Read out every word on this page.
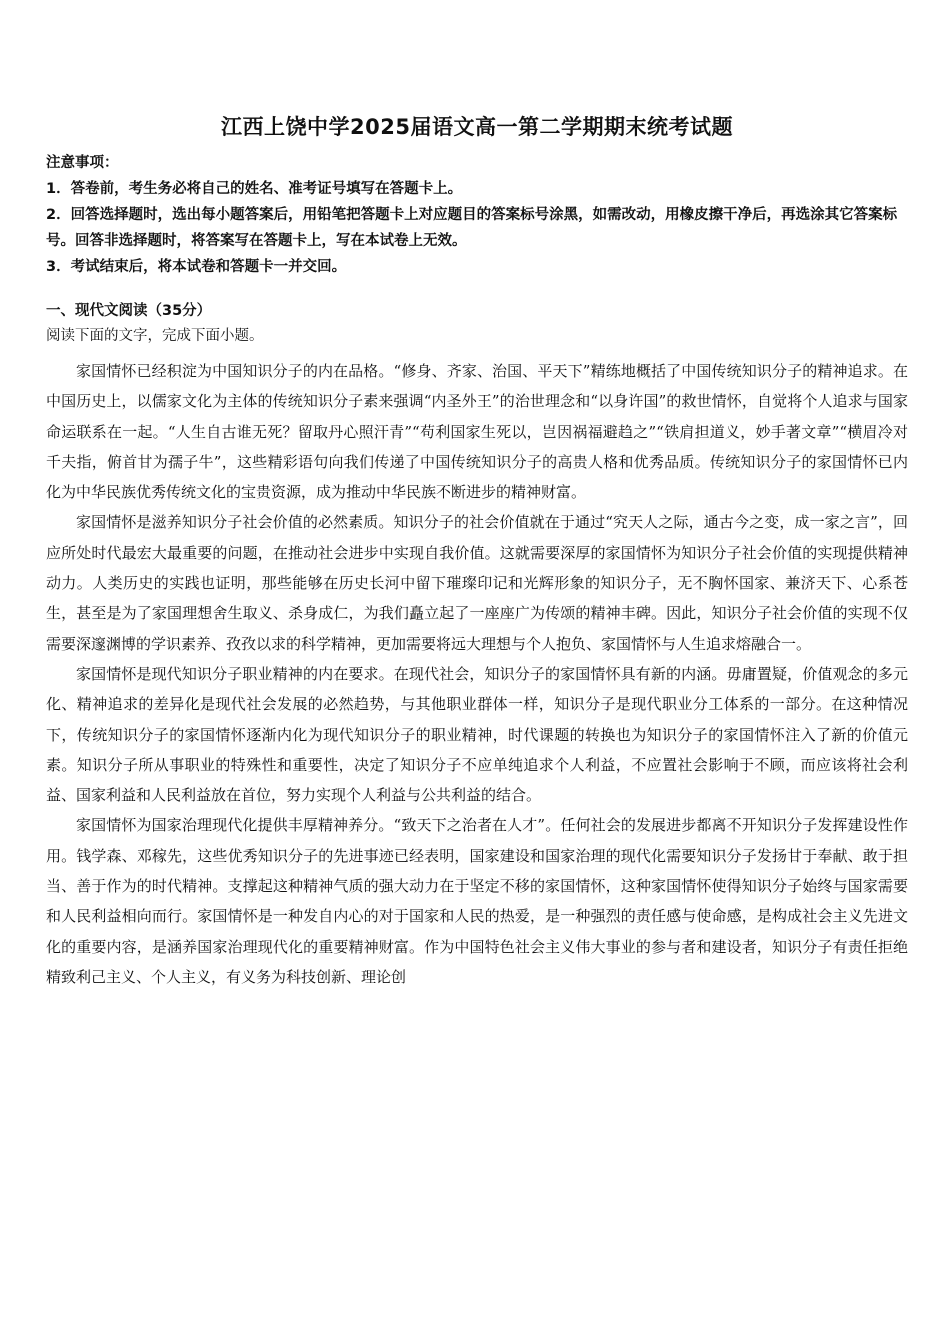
江西上饶中学2025届语文高一第二学期期末统考试题

注意事项：

1．答卷前，考生务必将自己的姓名、准考证号填写在答题卡上。

2．回答选择题时，选出每小题答案后，用铅笔把答题卡上对应题目的答案标号涂黑，如需改动，用橡皮擦干净后，再选涂其它答案标号。回答非选择题时，将答案写在答题卡上，写在本试卷上无效。

3．考试结束后，将本试卷和答题卡一并交回。

一、现代文阅读（35分）

阅读下面的文字，完成下面小题。

家国情怀已经积淀为中国知识分子的内在品格。“修身、齐家、治国、平天下”精练地概括了中国传统知识分子的精神追求。在中国历史上，以儒家文化为主体的传统知识分子素来强调“内圣外王”的治世理念和“以身许国”的救世情怀，自觉将个人追求与国家命运联系在一起。“人生自古谁无死？留取丹心照汗青”“苟利国家生死以，岂因祸福避趋之”“铁肩担道义，妙手著文章”“横眉冷对千夫指，俯首甘为孺子牛”，这些精彩语句向我们传递了中国传统知识分子的高贵人格和优秀品质。传统知识分子的家国情怀已内化为中华民族优秀传统文化的宝贵资源，成为推动中华民族不断进步的精神财富。

家国情怀是滋养知识分子社会价值的必然素质。知识分子的社会价值就在于通过“究天人之际，通古今之变，成一家之言”，回应所处时代最宏大最重要的问题，在推动社会进步中实现自我价值。这就需要深厚的家国情怀为知识分子社会价值的实现提供精神动力。人类历史的实践也证明，那些能够在历史长河中留下璀璨印记和光辉形象的知识分子，无不胸怀国家、兼济天下、心系苍生，甚至是为了家国理想舍生取义、杀身成仁，为我们矗立起了一座座广为传颂的精神丰碑。因此，知识分子社会价值的实现不仅需要深邃渊博的学识素养、孜孜以求的科学精神，更加需要将远大理想与个人抱负、家国情怀与人生追求熔融合一。

家国情怀是现代知识分子职业精神的内在要求。在现代社会，知识分子的家国情怀具有新的内涵。毋庸置疑，价值观念的多元化、精神追求的差异化是现代社会发展的必然趋势，与其他职业群体一样，知识分子是现代职业分工体系的一部分。在这种情况下，传统知识分子的家国情怀逐渐内化为现代知识分子的职业精神，时代课题的转换也为知识分子的家国情怀注入了新的价值元素。知识分子所从事职业的特殊性和重要性，决定了知识分子不应单纯追求个人利益，不应置社会影响于不顾，而应该将社会利益、国家利益和人民利益放在首位，努力实现个人利益与公共利益的结合。

家国情怀为国家治理现代化提供丰厚精神养分。“致天下之治者在人才”。任何社会的发展进步都离不开知识分子发挥建设性作用。钱学森、邓稼先，这些优秀知识分子的先进事迹已经表明，国家建设和国家治理的现代化需要知识分子发扬甘于奉献、敢于担当、善于作为的时代精神。支撑起这种精神气质的强大动力在于坚定不移的家国情怀，这种家国情怀使得知识分子始终与国家需要和人民利益相向而行。家国情怀是一种发自内心的对于国家和人民的热爱，是一种强烈的责任感与使命感，是构成社会主义先进文化的重要内容，是涵养国家治理现代化的重要精神财富。作为中国特色社会主义伟大事业的参与者和建设者，知识分子有责任拒绝精致利己主义、个人主义，有义务为科技创新、理论创
